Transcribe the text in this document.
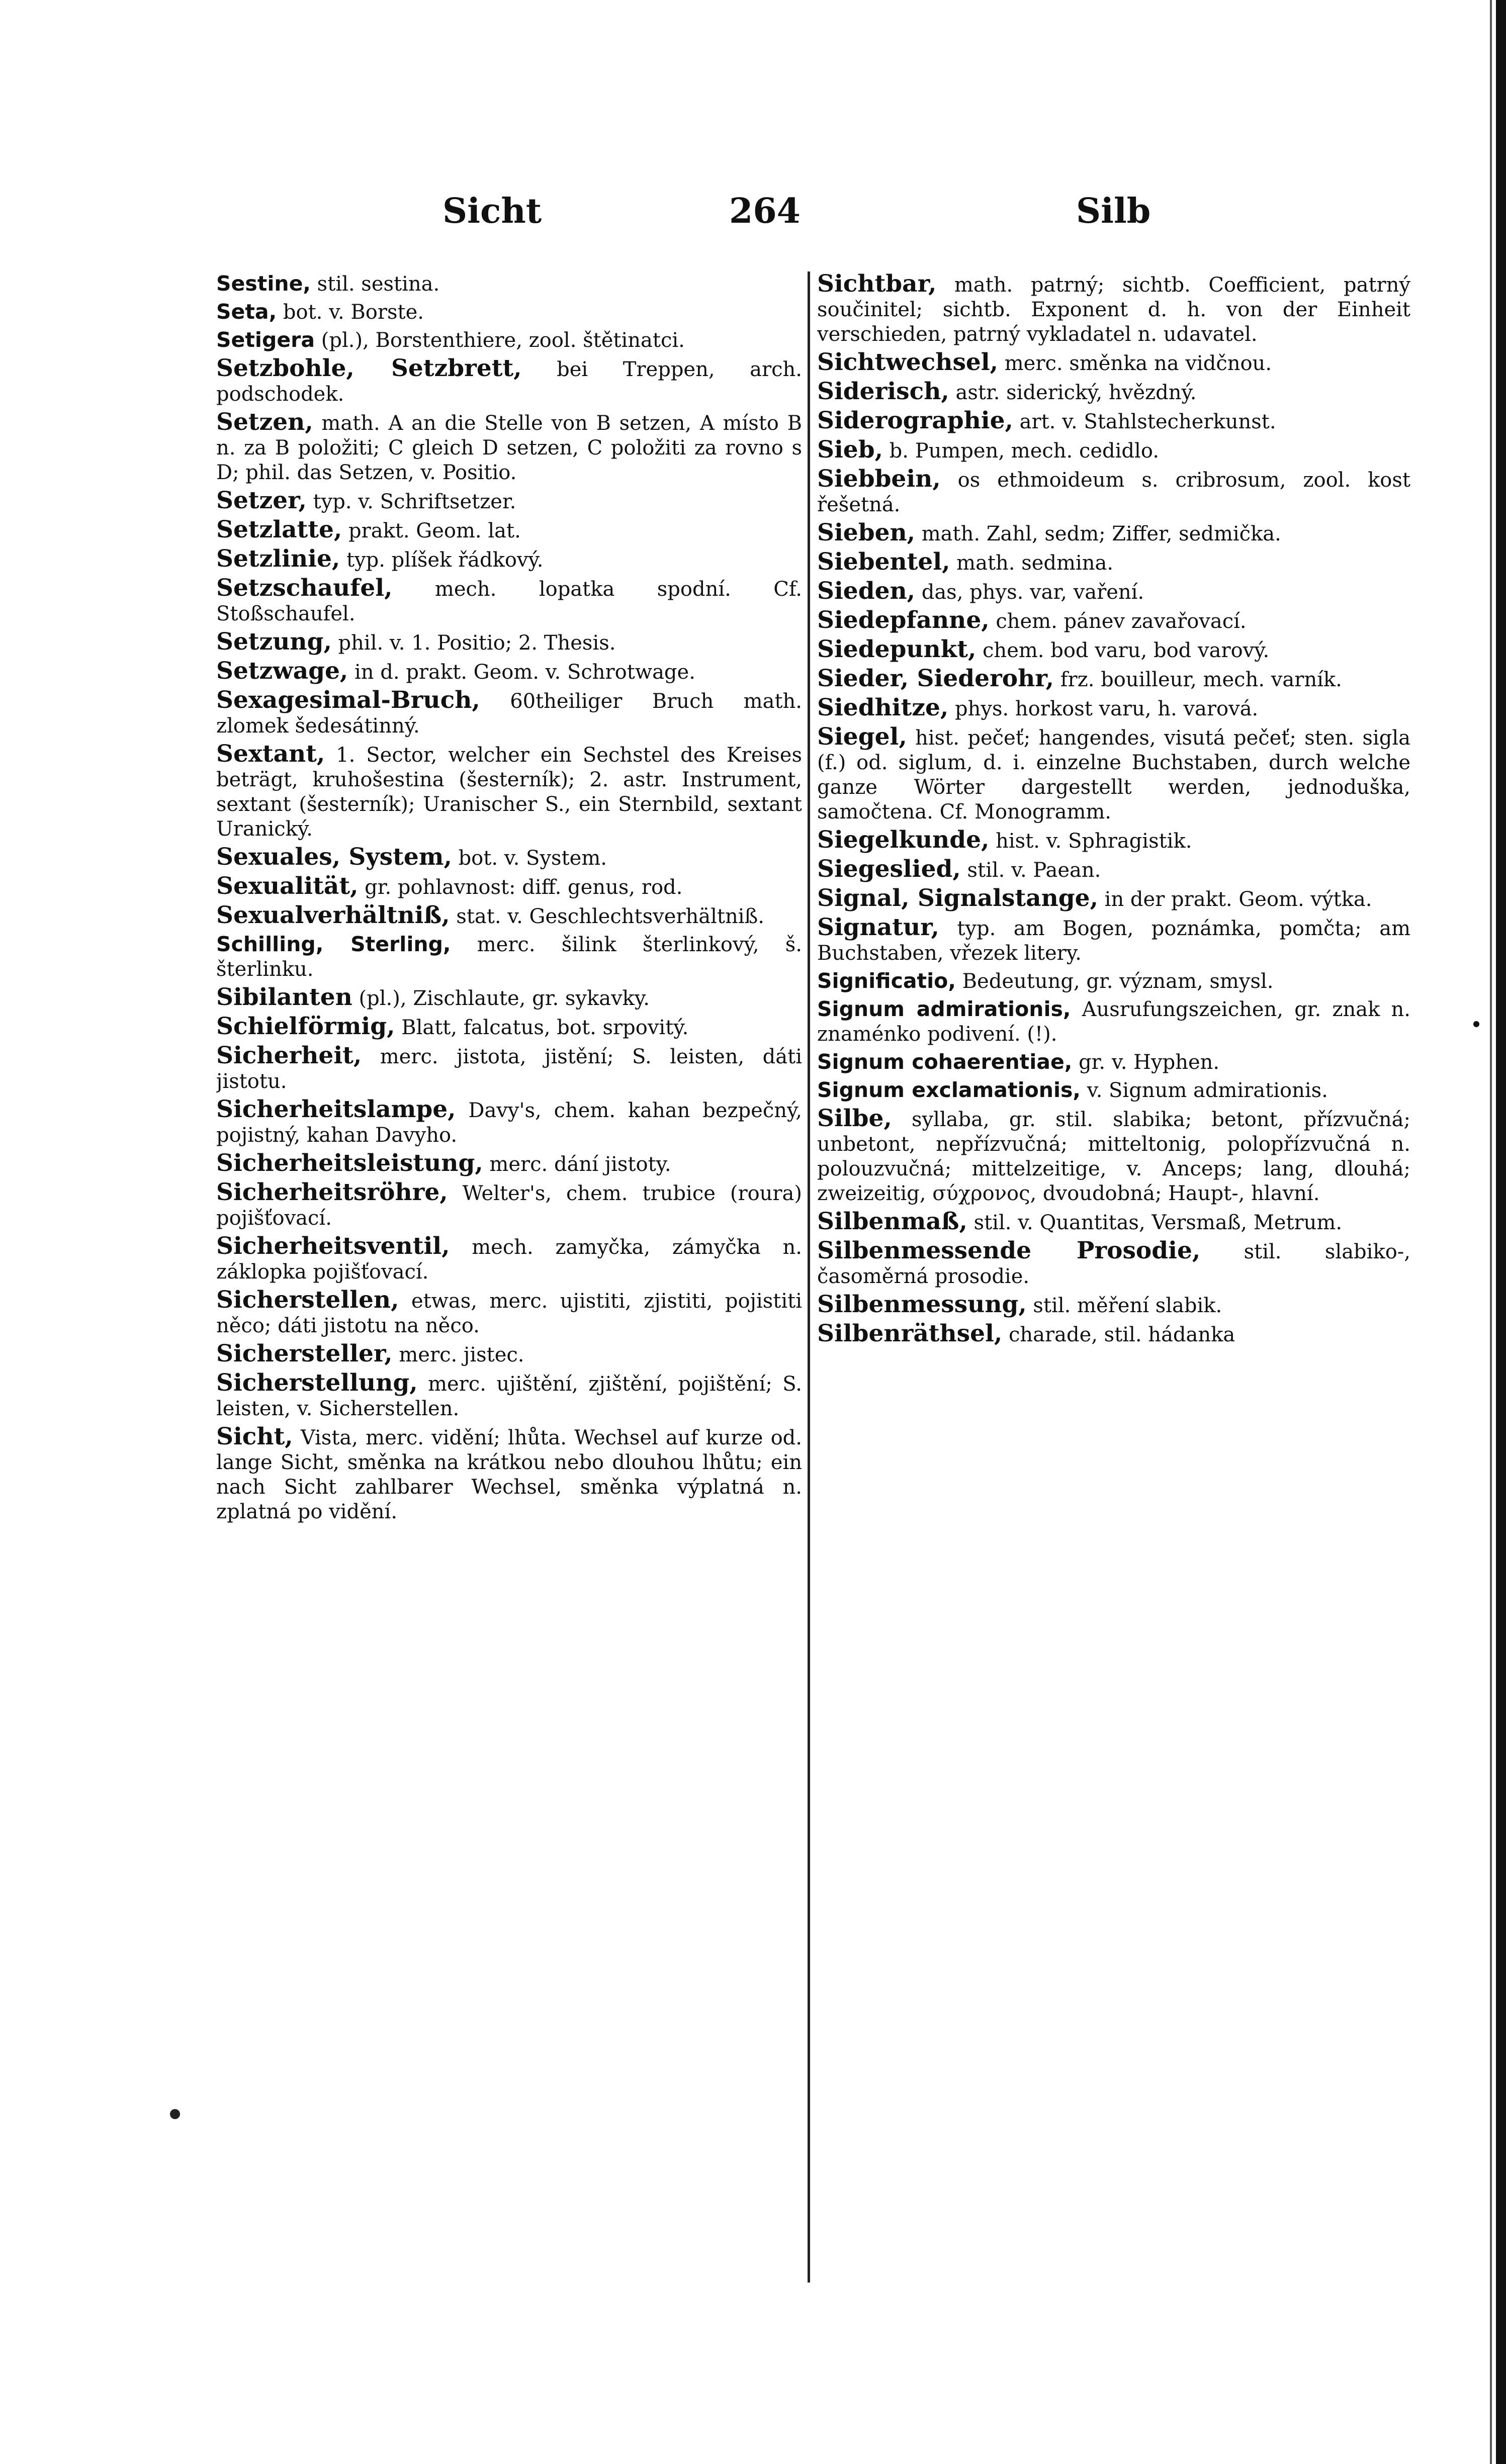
Sicht	264	Silb

Sestine, stil. sestina.

Seta, bot. v. Borste.

Setigera (pl.), Borstenthiere, zool. štětinatci.

Setzbohle, Setzbrett, bei Treppen, arch. podschodek.

Setzen, math. A an die Stelle von B setzen, A místo B n. za B položiti; C gleich D setzen, C položiti za rovno s D; phil. das Setzen, v. Positio.

Setzer, typ. v. Schriftsetzer.

Setzlatte, prakt. Geom. lat.

Setzlinie, typ. plíšek řádkový.

Setzschaufel, mech. lopatka spodní. Cf. Stoßschaufel.

Setzung, phil. v. 1. Positio; 2. Thesis.

Setzwage, in d. prakt. Geom. v. Schrotwage.

Sexagesimal-Bruch, 60theiliger Bruch math. zlomek šedesátinný.

Sextant, 1. Sector, welcher ein Sechstel des Kreises beträgt, kruhošestina (šesterník); 2. astr. Instrument, sextant (šesterník); Uranischer S., ein Sternbild, sextant Uranický.

Sexuales, System, bot. v. System.

Sexualität, gr. pohlavnost: diff. genus, rod.

Sexualverhältniß, stat. v. Geschlechtsverhältniß.

Schilling, Sterling, merc. šilink šterlinkový, š. šterlinku.

Sibilanten (pl.), Zischlaute, gr. sykavky.

Schielförmig, Blatt, falcatus, bot. srpovitý.

Sicherheit, merc. jistota, jistění; S. leisten, dáti jistotu.

Sicherheitslampe, Davy's, chem. kahan bezpečný, pojistný, kahan Davyho.

Sicherheitsleistung, merc. dání jistoty.

Sicherheitsröhre, Welter's, chem. trubice (roura) pojišťovací.

Sicherheitsventil, mech. zamyčka, zámyčka n. záklopka pojišťovací.

Sicherstellen, etwas, merc. ujistiti, zjistiti, pojistiti něco; dáti jistotu na něco.

Sichersteller, merc. jistec.

Sicherstellung, merc. ujištění, zjištění, pojištění; S. leisten, v. Sicherstellen.

Sicht, Vista, merc. vidění; lhůta. Wechsel auf kurze od. lange Sicht, směnka na krátkou nebo dlouhou lhůtu; ein nach Sicht zahlbarer Wechsel, směnka výplatná n. zplatná po vidění.

Sichtbar, math. patrný; sichtb. Coefficient, patrný součinitel; sichtb. Exponent d. h. von der Einheit verschieden, patrný vykladatel n. udavatel.

Sichtwechsel, merc. směnka na vidčnou.

Siderisch, astr. siderický, hvězdný.

Siderographie, art. v. Stahlstecherkunst.

Sieb, b. Pumpen, mech. cedidlo.

Siebbein, os ethmoideum s. cribrosum, zool. kost řešetná.

Sieben, math. Zahl, sedm; Ziffer, sedmička.

Siebentel, math. sedmina.

Sieden, das, phys. var, vaření.

Siedepfanne, chem. pánev zavařovací.

Siedepunkt, chem. bod varu, bod varový.

Sieder, Siederohr, frz. bouilleur, mech. varník.

Siedhitze, phys. horkost varu, h. varová.

Siegel, hist. pečeť; hangendes, visutá pečeť; sten. sigla (f.) od. siglum, d. i. einzelne Buchstaben, durch welche ganze Wörter dargestellt werden, jednoduška, samočtena. Cf. Monogramm.

Siegelkunde, hist. v. Sphragistik.

Siegeslied, stil. v. Paean.

Signal, Signalstange, in der prakt. Geom. výtka.

Signatur, typ. am Bogen, poznámka, pomčta; am Buchstaben, vřezek litery.

Significatio, Bedeutung, gr. význam, smysl.

Signum admirationis, Ausrufungszeichen, gr. znak n. znaménko podivení. (!).

Signum cohaerentiae, gr. v. Hyphen.

Signum exclamationis, v. Signum admirationis.

Silbe, syllaba, gr. stil. slabika; betont, přízvučná; unbetont, nepřízvučná; mitteltonig, polopřízvučná n. polouzvučná; mittelzeitige, v. Anceps; lang, dlouhá; zweizeitig, σύχρονος, dvoudobná; Haupt-, hlavní.

Silbenmaß, stil. v. Quantitas, Versmaß, Metrum.

Silbenmessende Prosodie, stil. slabiko-, časoměrná prosodie.

Silbenmessung, stil. měření slabik.

Silbenräthsel, charade, stil. hádanka
